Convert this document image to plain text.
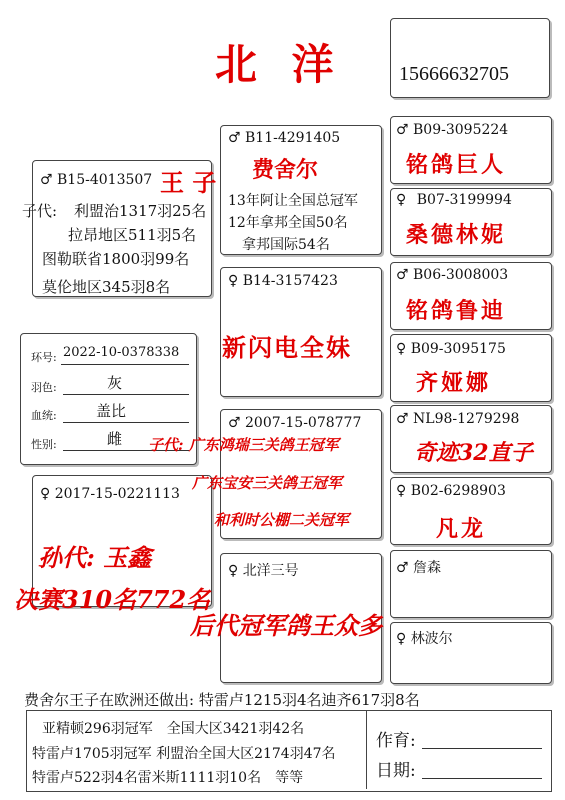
北 洋	15666632705
♂ B15-4013507 王 子
子代: 利盟治1317羽25名
拉昂地区511羽5名
图勒联省1800羽99名
莫伦地区345羽8名
环号: 2022-10-0378338
羽色:	灰
血统:	盖比
性别:	雌
♀ 2017-15-0221113
♂ B11-4291405
费舍尔
13年阿让全国总冠军
12年拿邦全国50名
拿邦国际54名
♀ B14-3157423
新闪电全妹
♂ 2007-15-078777
♀ 北洋三号
♂ B09-3095224
铭鸽巨人
♀ B07-3199994
桑德林妮
♂ B06-3008003
铭鸽鲁迪
♀ B09-3095175
齐娅娜
♂ NL98-1279298
奇迹32直子
♀ B02-6298903
凡龙
♂ 詹森
♀ 林波尔
子代: 广东鸿瑞三关鸽王冠军
广东宝安三关鸽王冠军
和利时公棚二关冠军
孙代: 玉鑫
决赛310名772名
后代冠军鸽王众多
费舍尔王子在欧洲还做出: 特雷卢1215羽4名迪齐617羽8名
亚精顿296羽冠军　全国大区3421羽42名
特雷卢1705羽冠军 利盟治全国大区2174羽47名
特雷卢522羽4名雷米斯1111羽10名　等等
作育:
日期:
